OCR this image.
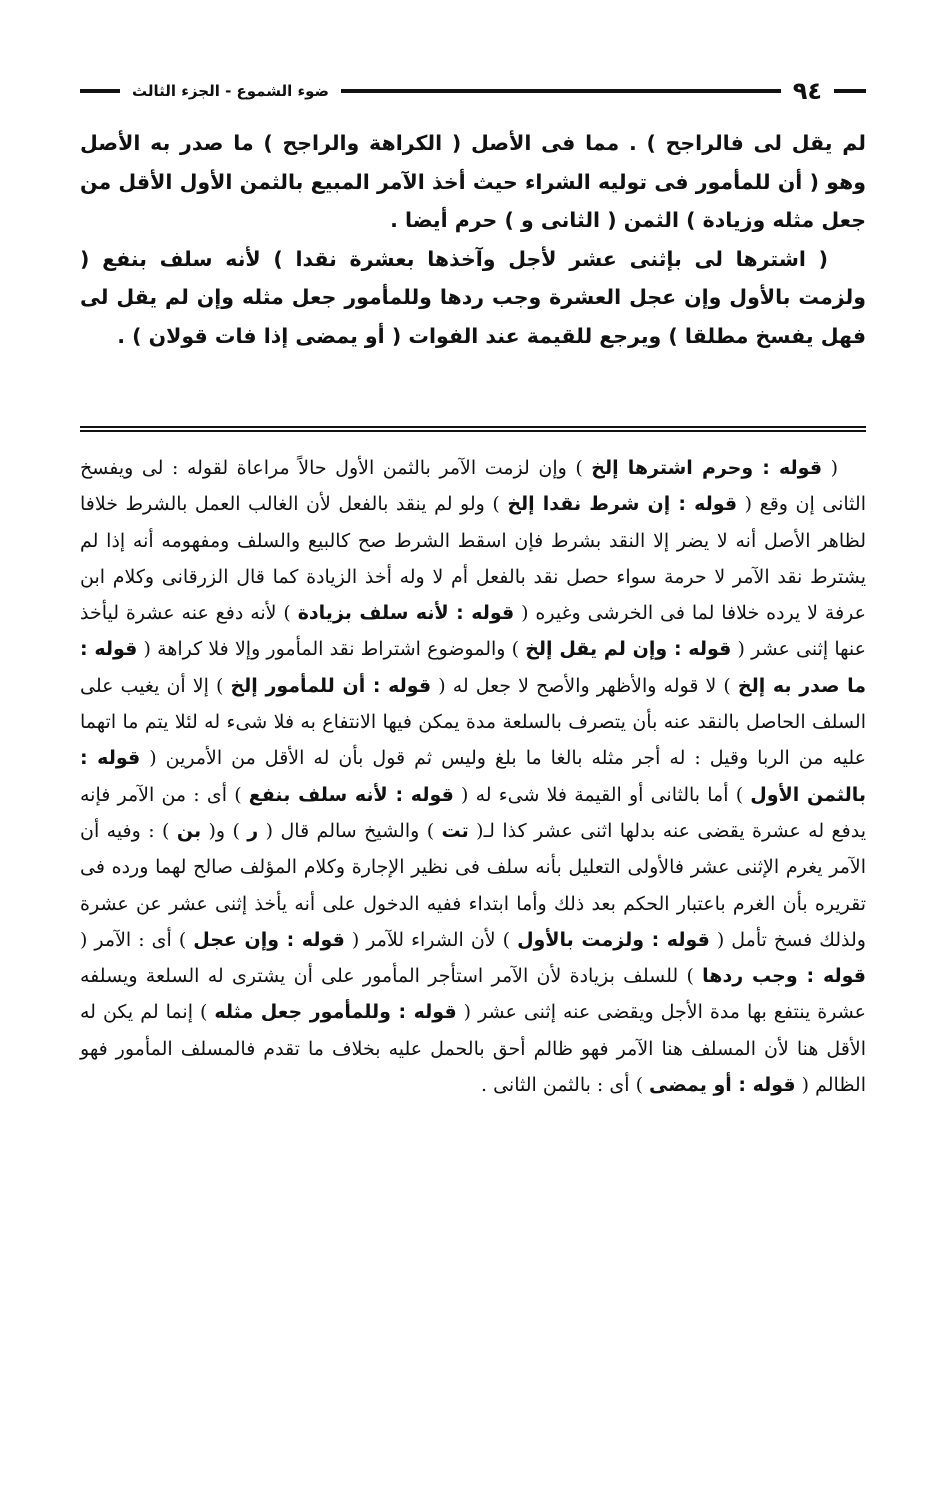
٩٤
ضوء الشموع - الجزء الثالث

لم يقل لى فالراجح ) . مما فى الأصل ( الكراهة والراجح ) ما صدر به الأصل وهو ( أن للمأمور فى توليه الشراء حيث أخذ الآمر المبيع بالثمن الأول الأقل من جعل مثله وزيادة ) الثمن ( الثانى و ) حرم أيضا .

( اشترها لى بإثنى عشر لأجل وآخذها بعشرة نقدا ) لأنه سلف بنفع ( ولزمت بالأول وإن عجل العشرة وجب ردها وللمأمور جعل مثله وإن لم يقل لى فهل يفسخ مطلقا ) ويرجع للقيمة عند الفوات ( أو يمضى إذا فات قولان ) .

( قوله : وحرم اشترها إلخ ) وإن لزمت الآمر بالثمن الأول حالاً مراعاة لقوله : لى ويفسخ الثانى إن وقع ( قوله : إن شرط نقدا إلخ ) ولو لم ينقد بالفعل لأن الغالب العمل بالشرط خلافا لظاهر الأصل أنه لا يضر إلا النقد بشرط فإن اسقط الشرط صح كالبيع والسلف ومفهومه أنه إذا لم يشترط نقد الآمر لا حرمة سواء حصل نقد بالفعل أم لا وله أخذ الزيادة كما قال الزرقانى وكلام ابن عرفة لا يرده خلافا لما فى الخرشى وغيره ( قوله : لأنه سلف بزيادة ) لأنه دفع عنه عشرة ليأخذ عنها إثنى عشر ( قوله : وإن لم يقل إلخ ) والموضوع اشتراط نقد المأمور وإلا فلا كراهة ( قوله : ما صدر به إلخ ) لا قوله والأظهر والأصح لا جعل له ( قوله : أن للمأمور إلخ ) إلا أن يغيب على السلف الحاصل بالنقد عنه بأن يتصرف بالسلعة مدة يمكن فيها الانتفاع به فلا شىء له لئلا يتم ما اتهما عليه من الربا وقيل : له أجر مثله بالغا ما بلغ وليس ثم قول بأن له الأقل من الأمرين ( قوله : بالثمن الأول ) أما بالثانى أو القيمة فلا شىء له ( قوله : لأنه سلف بنفع ) أى : من الآمر فإنه يدفع له عشرة يقضى عنه بدلها اثنى عشر كذا لـ( تت ) والشيخ سالم قال ( ر ) و( بن ) : وفيه أن الآمر يغرم الإثنى عشر فالأولى التعليل بأنه سلف فى نظير الإجارة وكلام المؤلف صالح لهما ورده فى تقريره بأن الغرم باعتبار الحكم بعد ذلك وأما ابتداء ففيه الدخول على أنه يأخذ إثنى عشر عن عشرة ولذلك فسخ تأمل ( قوله : ولزمت بالأول ) لأن الشراء للآمر ( قوله : وإن عجل ) أى : الآمر ( قوله : وجب ردها ) للسلف بزيادة لأن الآمر استأجر المأمور على أن يشترى له السلعة ويسلفه عشرة ينتفع بها مدة الأجل ويقضى عنه إثنى عشر ( قوله : وللمأمور جعل مثله ) إنما لم يكن له الأقل هنا لأن المسلف هنا الآمر فهو ظالم أحق بالحمل عليه بخلاف ما تقدم فالمسلف المأمور فهو الظالم ( قوله : أو يمضى ) أى : بالثمن الثانى .
